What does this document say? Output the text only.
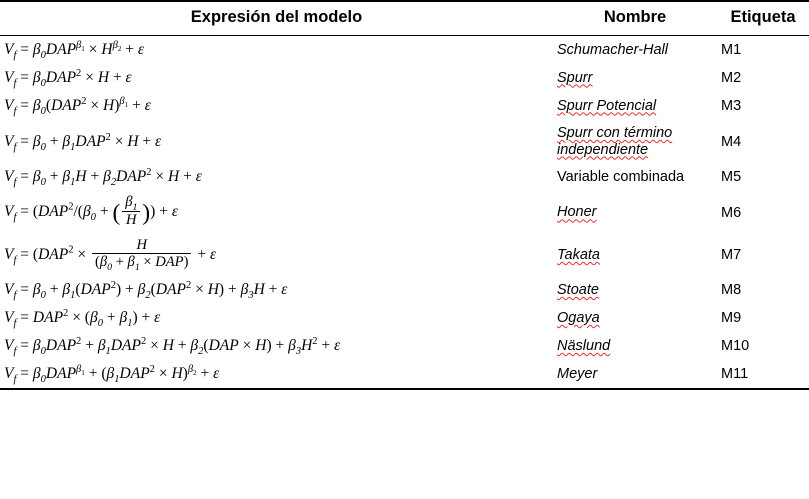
Expresión del modelo	Nombre	Etiqueta
$V_f = \beta_0DAP^{\beta_1} \times H^{\beta_2} + \varepsilon$	Schumacher-Hall	M1
$V_f = \beta_0DAP^2 \times H + \varepsilon$	Spurr	M2
$V_f = \beta_0(DAP^2 \times H)^{\beta_1} + \varepsilon$	Spurr Potencial	M3
$V_f = \beta_0 + \beta_1DAP^2 \times H + \varepsilon$	Spurr con término independiente	M4
$V_f = \beta_0 + \beta_1H + \beta_2DAP^2 \times H + \varepsilon$	Variable combinada	M5
$V_f = (DAP^2/(\beta_0$ + ( $\frac{\beta_1}{H}$ )) + ε	Honer	M6
$V_f = (DAP^2 \times \frac{H}{(\beta_0 + \beta_1 \times DAP)} + \varepsilon$	Takata	M7
$V_f = \beta_0 + \beta_1(DAP^2) + \beta_2(DAP^2 \times H) + \beta_3H + \varepsilon$	Stoate	M8
$V_f = DAP^2 \times (\beta_0 + \beta_1) + \varepsilon$	Ogaya	M9
$V_f = \beta_0DAP^2 + \beta_1DAP^2 \times H + \beta_2(DAP \times H) + \beta_3H^2 + \varepsilon$	Näslund	M10
$V_f = \beta_0DAP^{\beta_1} + (\beta_1DAP^2 \times H)^{\beta_2} + \varepsilon$	Meyer	M11
